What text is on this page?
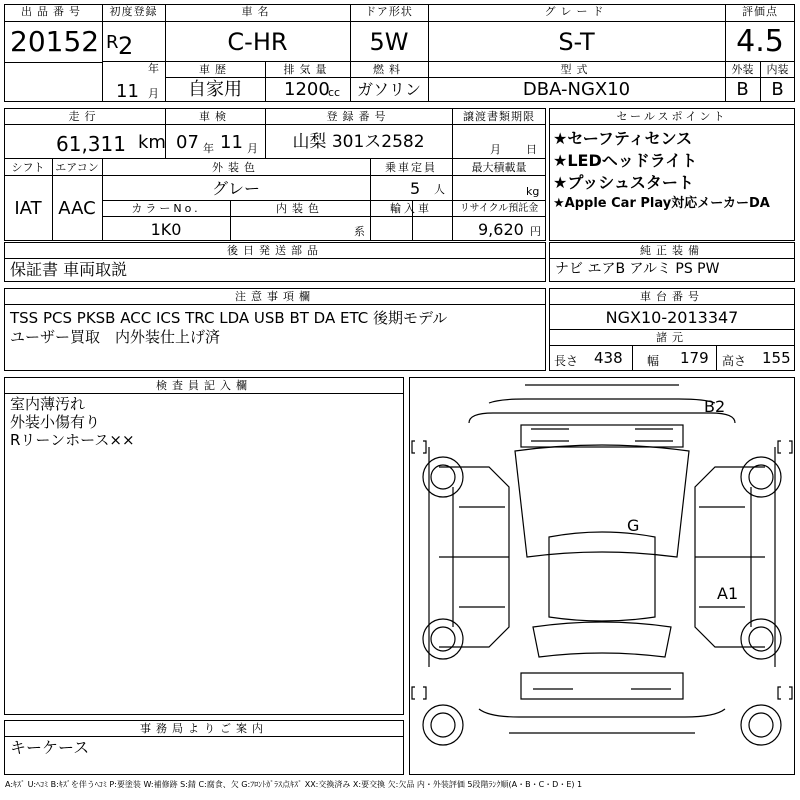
出品番号
20152
初度登録
R 2
年
11 月
車名
C-HR
ドア形状
5W
グレード
S-T
評価点
4.5
外装	内装
B	B
車歴
自家用
排気量
1200
cc
燃料
ガソリン
型式
DBA-NGX10
走行
61,311 km
車検
07 年 11 月
登録番号
山梨 301ス2582
譲渡書類期限
月 日
シフト
IAT
エアコン
AAC
外装色
グレー
乗車定員
5 人
最大積載量
kg
カラーNo.
1K0
内装色
系
輸入車	リサイクル預託金
9,620 円
セールスポイント
★セーフティセンス
★LEDヘッドライト
★プッシュスタート
★Apple Car Play対応メーカーDA
後日発送部品
保証書 車両取説
純正装備
ナビ エアB アルミ PS PW
注意事項欄
TSS PCS PKSB ACC ICS TRC LDA USB BT DA ETC 後期モデル
ユーザー買取　内外装仕上げ済
車台番号
NGX10-2013347
諸元
長さ 438 幅 179 高さ 155
検査員記入欄
室内薄汚れ
外装小傷有り
Rリーンホース××
事務局よりご案内
キーケース
B2
G
A1
A:ｷｽﾞ U:ﾍｺﾐ B:ｷｽﾞを伴うﾍｺﾐ P:要塗装 W:補修跡 S:錆 C:腐食、欠 G:ﾌﾛﾝﾄｶﾞﾗｽ点ｷｽﾞ XX:交換済み X:要交換 欠:欠品 内・外装評価 5段階ﾗﾝｸ順(A・B・C・D・E) 1
